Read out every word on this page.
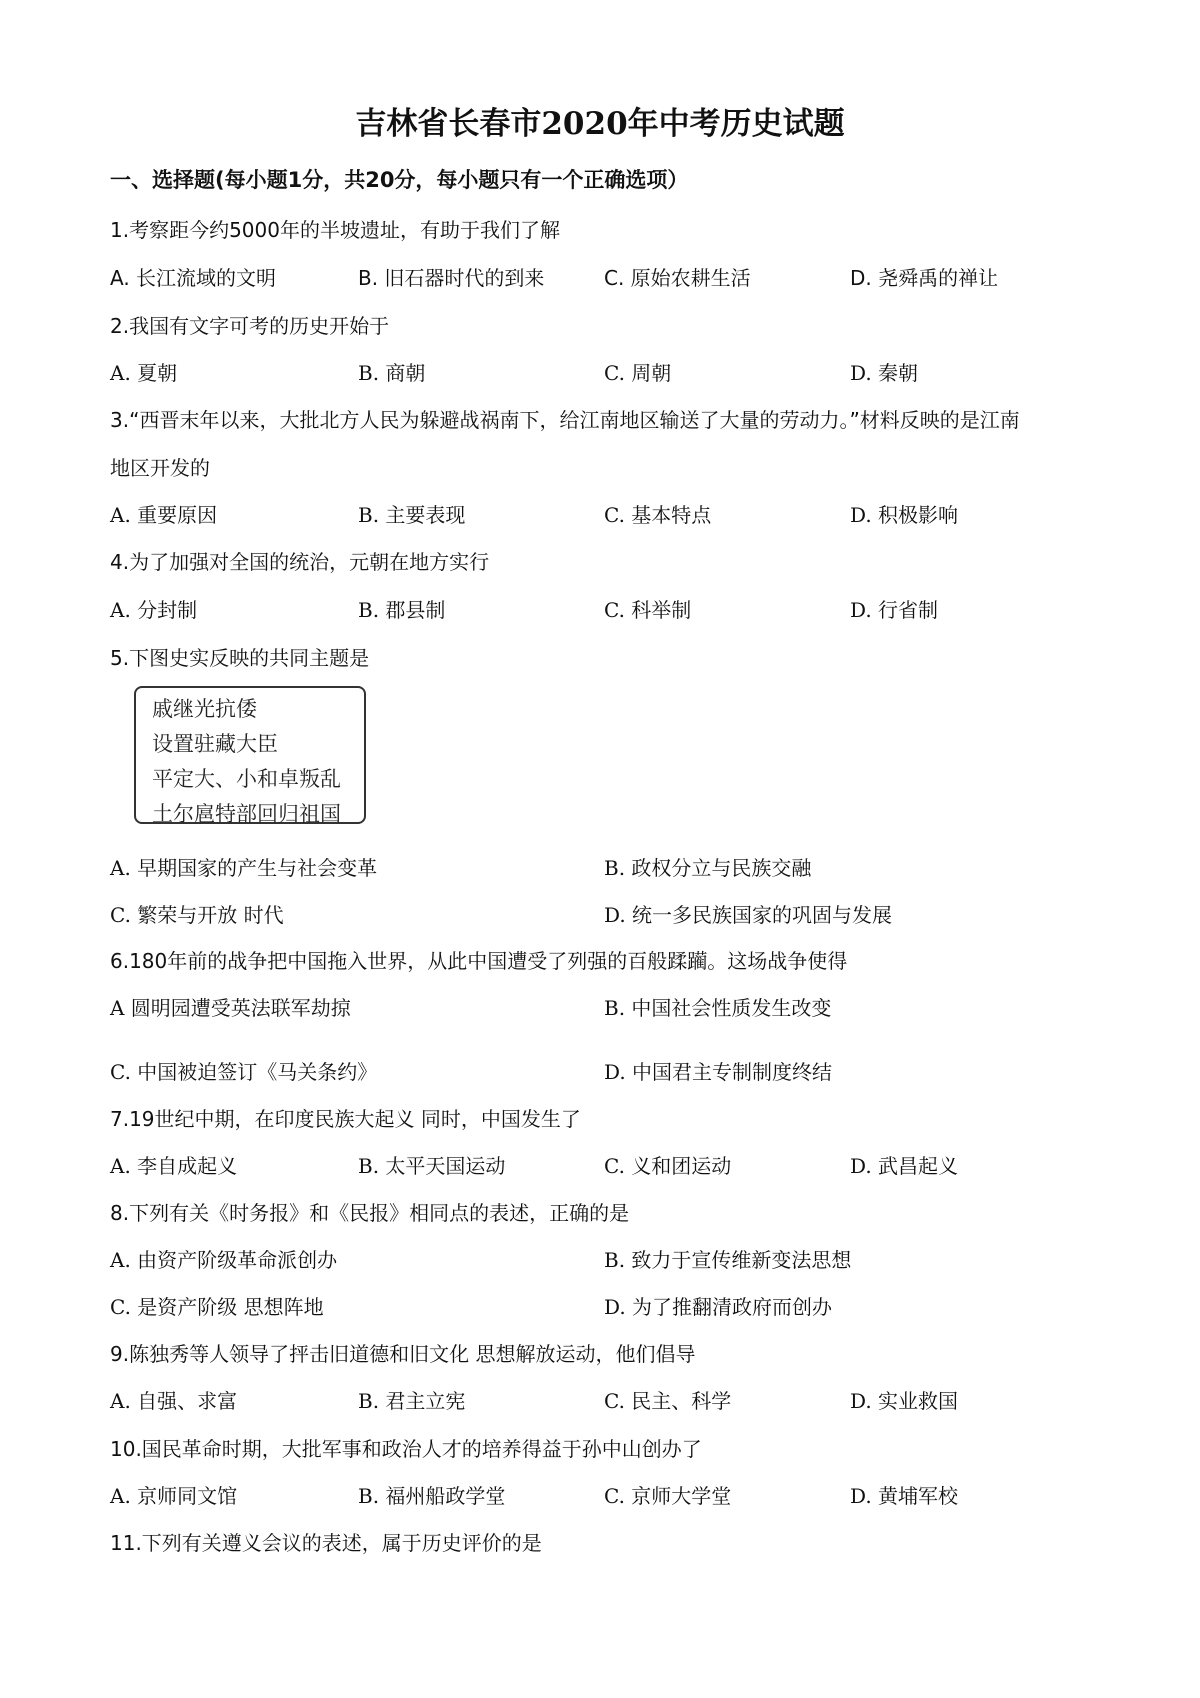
吉林省长春市2020年中考历史试题
一、选择题(每小题1分，共20分，每小题只有一个正确选项）
1.考察距今约5000年的半坡遗址，有助于我们了解
A. 长江流域的文明	B. 旧石器时代的到来	C. 原始农耕生活	D. 尧舜禹的禅让
2.我国有文字可考的历史开始于
A. 夏朝	B. 商朝	C. 周朝	D. 秦朝
3.“西晋末年以来，大批北方人民为躲避战祸南下，给江南地区输送了大量的劳动力。”材料反映的是江南
地区开发的
A. 重要原因	B. 主要表现	C. 基本特点	D. 积极影响
4.为了加强对全国的统治，元朝在地方实行
A. 分封制	B. 郡县制	C. 科举制	D. 行省制
5.下图史实反映的共同主题是
戚继光抗倭
设置驻藏大臣
平定大、小和卓叛乱
土尔扈特部回归祖国
A. 早期国家的产生与社会变革	B. 政权分立与民族交融
C. 繁荣与开放 时代	D. 统一多民族国家的巩固与发展
6.180年前的战争把中国拖入世界，从此中国遭受了列强的百般蹂躏。这场战争使得
A 圆明园遭受英法联军劫掠	B. 中国社会性质发生改变
C. 中国被迫签订《马关条约》	D. 中国君主专制制度终结
7.19世纪中期，在印度民族大起义 同时，中国发生了
A. 李自成起义	B. 太平天国运动	C. 义和团运动	D. 武昌起义
8.下列有关《时务报》和《民报》相同点的表述，正确的是
A. 由资产阶级革命派创办	B. 致力于宣传维新变法思想
C. 是资产阶级 思想阵地	D. 为了推翻清政府而创办
9.陈独秀等人领导了抨击旧道德和旧文化 思想解放运动，他们倡导
A. 自强、求富	B. 君主立宪	C. 民主、科学	D. 实业救国
10.国民革命时期，大批军事和政治人才的培养得益于孙中山创办了
A. 京师同文馆	B. 福州船政学堂	C. 京师大学堂	D. 黄埔军校
11.下列有关遵义会议的表述，属于历史评价的是
